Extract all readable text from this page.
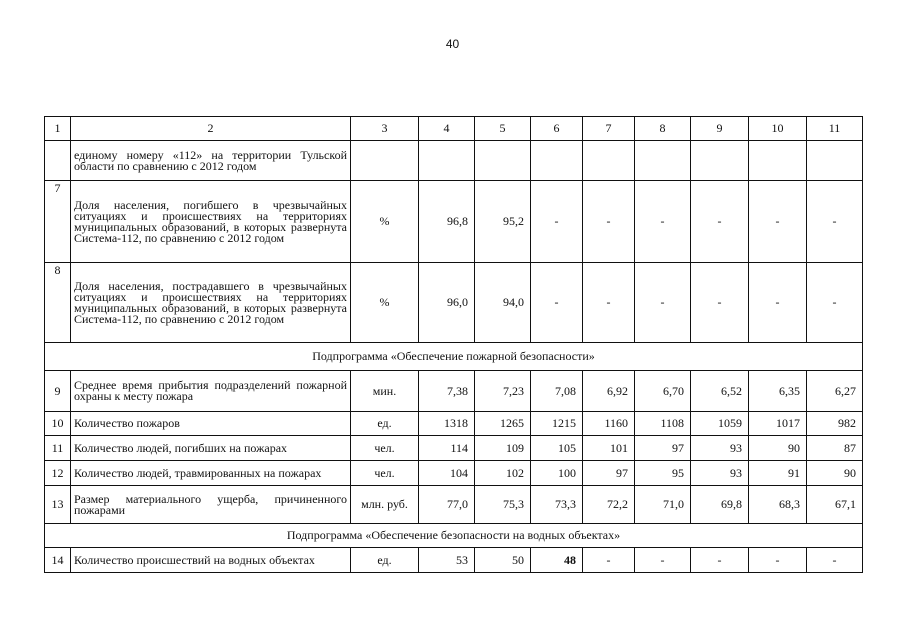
40
1	2	3	4	5	6	7	8	9	10	11
	единому номеру «112» на территории Тульской области по сравнению с 2012 годом									
7	Доля населения, погибшего в чрезвычайных ситуациях и происшествиях на территориях муниципальных образований, в которых развернута Система-112, по сравнению с 2012 годом	%	96,8	95,2	-	-	-	-	-	-
8	Доля населения, пострадавшего в чрезвычайных ситуациях и происшествиях на территориях муниципальных образований, в которых развернута Система-112, по сравнению с 2012 годом	%	96,0	94,0	-	-	-	-	-	-
Подпрограмма «Обеспечение пожарной безопасности»										
9	Среднее время прибытия подразделений пожарной охраны к месту пожара	мин.	7,38	7,23	7,08	6,92	6,70	6,52	6,35	6,27
10	Количество пожаров	ед.	1318	1265	1215	1160	1108	1059	1017	982
11	Количество людей, погибших на пожарах	чел.	114	109	105	101	97	93	90	87
12	Количество людей, травмированных на пожарах	чел.	104	102	100	97	95	93	91	90
13	Размер материального ущерба, причиненного пожарами	млн. руб.	77,0	75,3	73,3	72,2	71,0	69,8	68,3	67,1
Подпрограмма «Обеспечение безопасности на водных объектах»										
14	Количество происшествий на водных объектах	ед.	53	50	48	-	-	-	-	-
